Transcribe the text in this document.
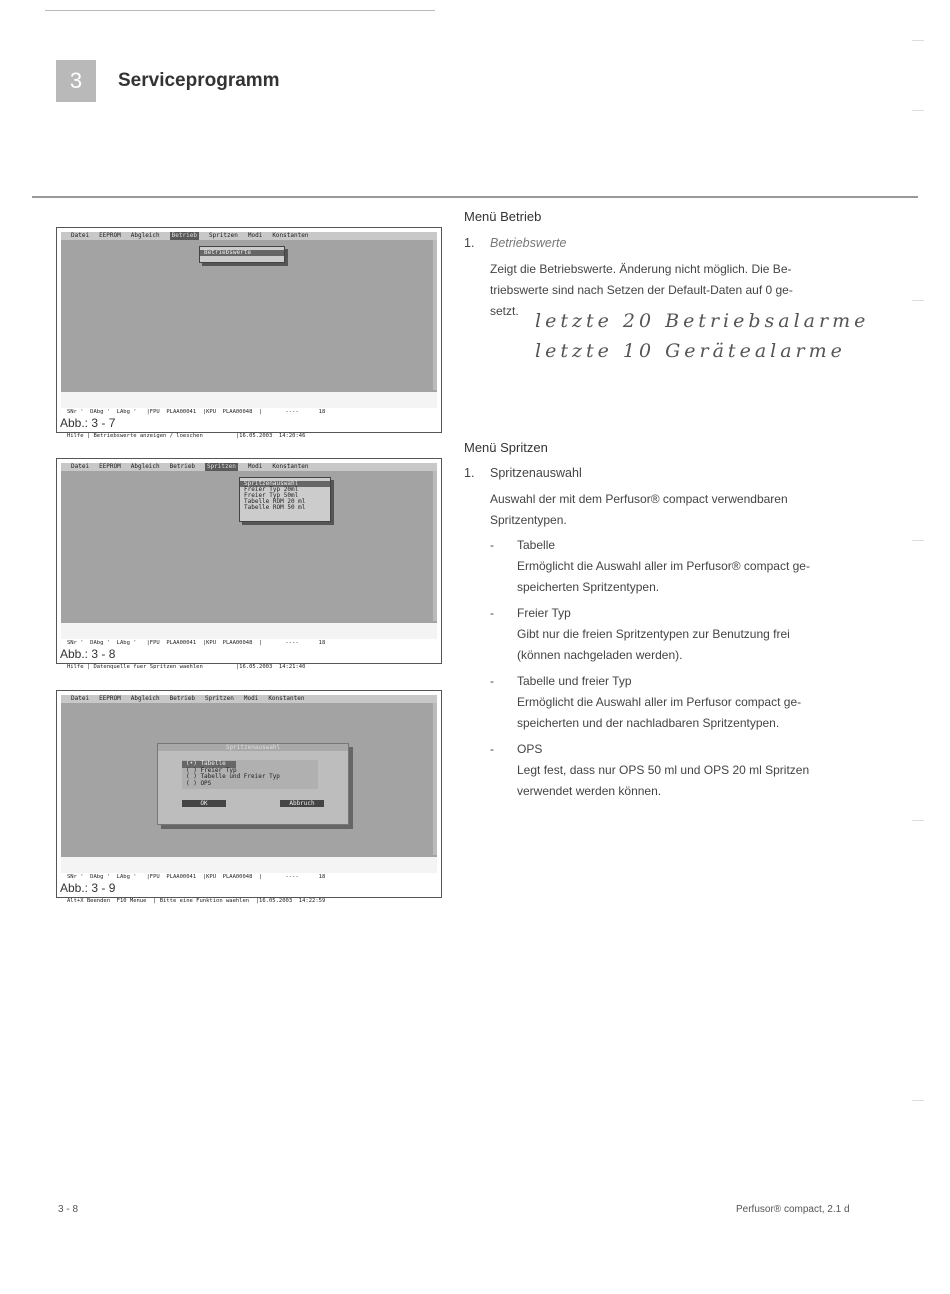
3	Serviceprogramm
Datei EEPROM Abgleich	Betrieb	Spritzen Modi Konstanten
Betriebswerte

SNr '  DAbg '  LAbg '   |FPU  PLAA00041  |KPU  PLAA00048  |       ----      18

Hilfe | Betriebswerte anzeigen / loeschen          |16.05.2003  14:20:46

Abb.: 3 - 7
Datei EEPROM Abgleich Betrieb	Spritzen	Modi Konstanten
Spritzenauswahl
Freier Typ 20ml
Freier Typ 50ml
Tabelle ROM 20 ml
Tabelle ROM 50 ml

SNr '  DAbg '  LAbg '   |FPU  PLAA00041  |KPU  PLAA00048  |       ----      18

Hilfe | Datenquelle fuer Spritzen waehlen          |16.05.2003  14:21:40

Abb.: 3 - 8
Datei EEPROM Abgleich Betrieb Spritzen Modi Konstanten
Spritzenauswahl
(•) Tabelle
( ) Freier Typ
( ) Tabelle und Freier Typ
( ) OPS
OK	Abbruch

SNr '  DAbg '  LAbg '   |FPU  PLAA00041  |KPU  PLAA00048  |       ----      18

Alt+X Beenden  F10 Menue  | Bitte eine Funktion waehlen  |16.05.2003  14:22:59

Abb.: 3 - 9
Menü Betrieb
1. Betriebswerte
Zeigt die Betriebswerte. Änderung nicht möglich. Die Be-
triebswerte sind nach Setzen der Default-Daten auf 0 ge-
setzt. letzte 20 Betriebsalarme
letzte 10 Gerätealarme
Menü Spritzen
1. Spritzenauswahl
Auswahl der mit dem Perfusor® compact verwendbaren
Spritzentypen.
- Tabelle
Ermöglicht die Auswahl aller im Perfusor® compact ge-
speicherten Spritzentypen.
- Freier Typ
Gibt nur die freien Spritzentypen zur Benutzung frei
(können nachgeladen werden).
- Tabelle und freier Typ
Ermöglicht die Auswahl aller im Perfusor compact ge-
speicherten und der nachladbaren Spritzentypen.
- OPS
Legt fest, dass nur OPS 50 ml und OPS 20 ml Spritzen
verwendet werden können.
3 - 8	Perfusor® compact, 2.1 d
